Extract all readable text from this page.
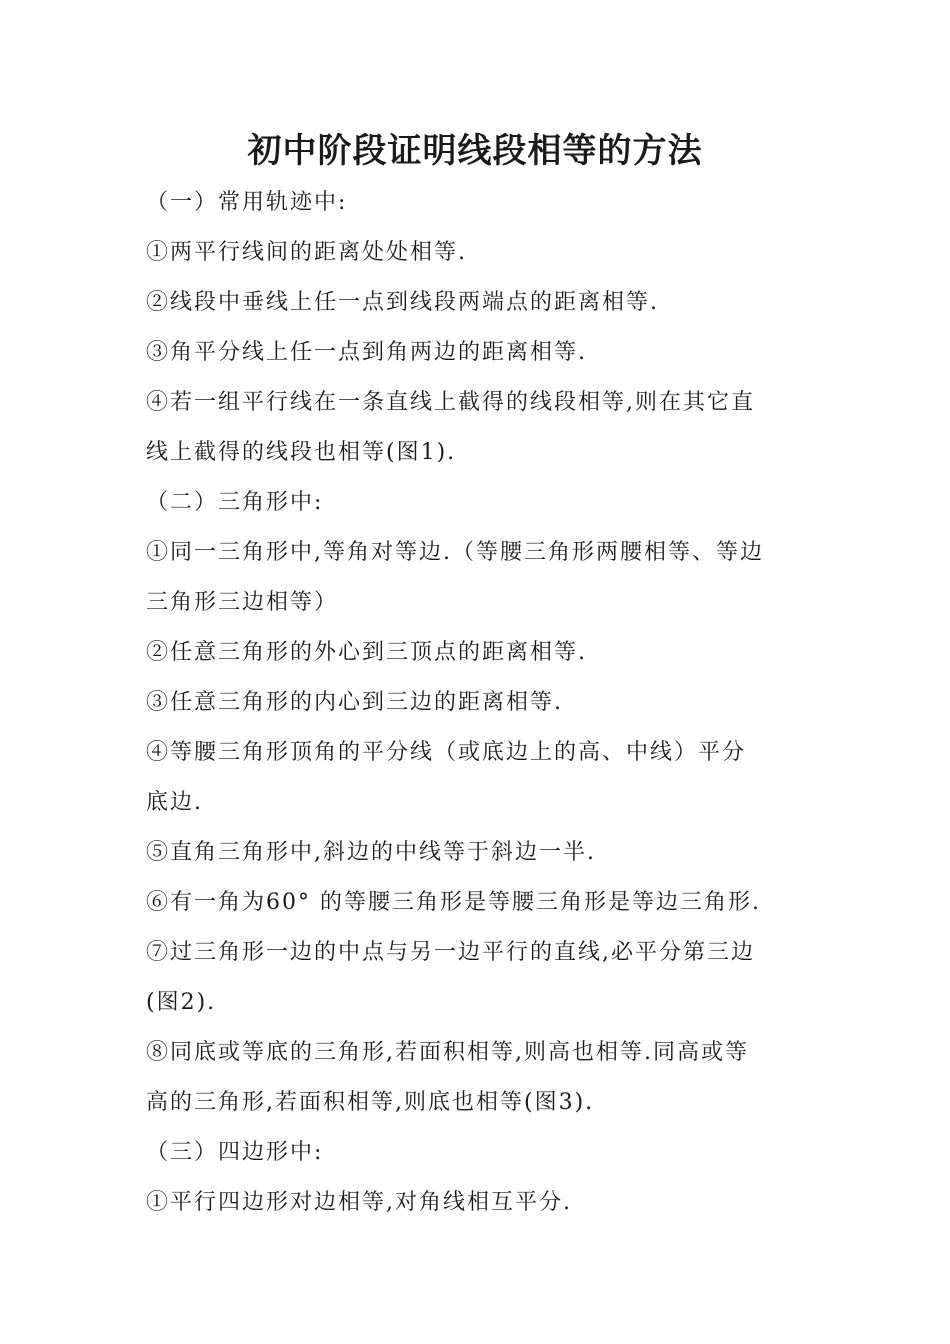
初中阶段证明线段相等的方法
（一）常用轨迹中:
①两平行线间的距离处处相等.
②线段中垂线上任一点到线段两端点的距离相等.
③角平分线上任一点到角两边的距离相等.
④若一组平行线在一条直线上截得的线段相等,则在其它直
线上截得的线段也相等(图1).
（二）三角形中:
①同一三角形中,等角对等边.（等腰三角形两腰相等、等边
三角形三边相等）
②任意三角形的外心到三顶点的距离相等.
③任意三角形的内心到三边的距离相等.
④等腰三角形顶角的平分线（或底边上的高、中线）平分
底边.
⑤直角三角形中,斜边的中线等于斜边一半.
⑥有一角为60° 的等腰三角形是等腰三角形是等边三角形.
⑦过三角形一边的中点与另一边平行的直线,必平分第三边
(图2).
⑧同底或等底的三角形,若面积相等,则高也相等.同高或等
高的三角形,若面积相等,则底也相等(图3).
（三）四边形中:
①平行四边形对边相等,对角线相互平分.
